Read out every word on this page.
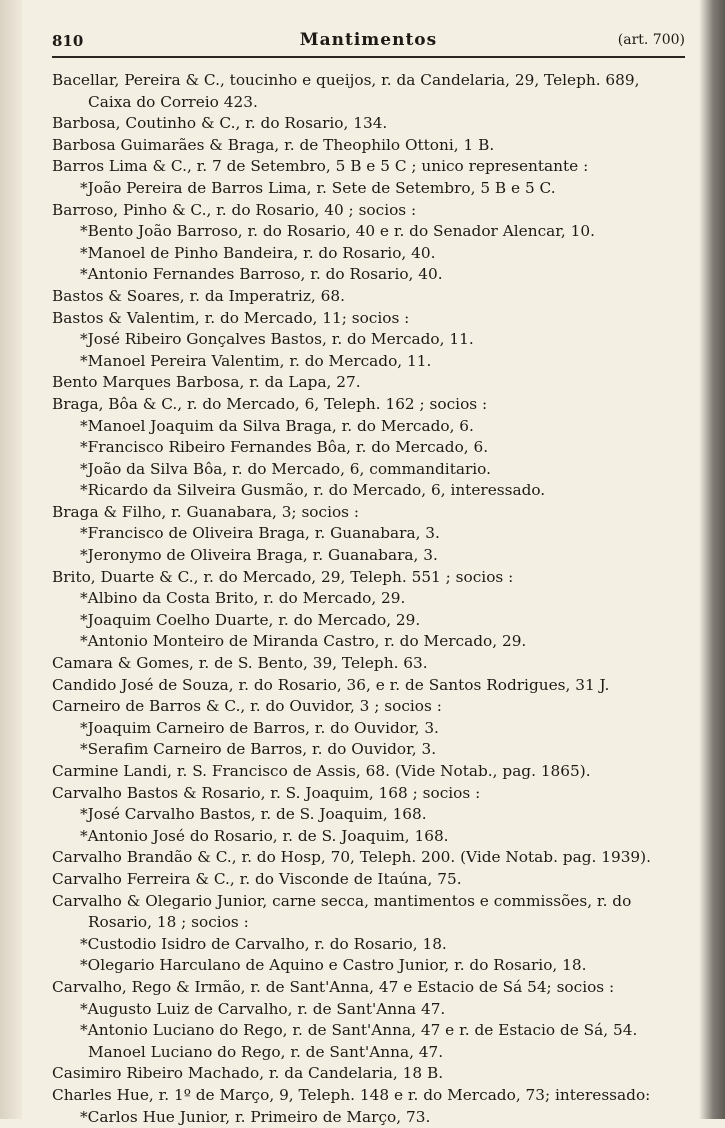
810	Mantimentos	(art. 700)
Bacellar, Pereira & C., toucinho e queijos, r. da Candelaria, 29, Teleph. 689,
Caixa do Correio 423.
Barbosa, Coutinho & C., r. do Rosario, 134.
Barbosa Guimarães & Braga, r. de Theophilo Ottoni, 1 B.
Barros Lima & C., r. 7 de Setembro, 5 B e 5 C ; unico representante :
*João Pereira de Barros Lima, r. Sete de Setembro, 5 B e 5 C.
Barroso, Pinho & C., r. do Rosario, 40 ; socios :
*Bento João Barroso, r. do Rosario, 40 e r. do Senador Alencar, 10.
*Manoel de Pinho Bandeira, r. do Rosario, 40.
*Antonio Fernandes Barroso, r. do Rosario, 40.
Bastos & Soares, r. da Imperatriz, 68.
Bastos & Valentim, r. do Mercado, 11; socios :
*José Ribeiro Gonçalves Bastos, r. do Mercado, 11.
*Manoel Pereira Valentim, r. do Mercado, 11.
Bento Marques Barbosa, r. da Lapa, 27.
Braga, Bôa & C., r. do Mercado, 6, Teleph. 162 ; socios :
*Manoel Joaquim da Silva Braga, r. do Mercado, 6.
*Francisco Ribeiro Fernandes Bôa, r. do Mercado, 6.
*João da Silva Bôa, r. do Mercado, 6, commanditario.
*Ricardo da Silveira Gusmão, r. do Mercado, 6, interessado.
Braga & Filho, r. Guanabara, 3; socios :
*Francisco de Oliveira Braga, r. Guanabara, 3.
*Jeronymo de Oliveira Braga, r. Guanabara, 3.
Brito, Duarte & C., r. do Mercado, 29, Teleph. 551 ; socios :
*Albino da Costa Brito, r. do Mercado, 29.
*Joaquim Coelho Duarte, r. do Mercado, 29.
*Antonio Monteiro de Miranda Castro, r. do Mercado, 29.
Camara & Gomes, r. de S. Bento, 39, Teleph. 63.
Candido José de Souza, r. do Rosario, 36, e r. de Santos Rodrigues, 31 J.
Carneiro de Barros & C., r. do Ouvidor, 3 ; socios :
*Joaquim Carneiro de Barros, r. do Ouvidor, 3.
*Serafim Carneiro de Barros, r. do Ouvidor, 3.
Carmine Landi, r. S. Francisco de Assis, 68. (Vide Notab., pag. 1865).
Carvalho Bastos & Rosario, r. S. Joaquim, 168 ; socios :
*José Carvalho Bastos, r. de S. Joaquim, 168.
*Antonio José do Rosario, r. de S. Joaquim, 168.
Carvalho Brandão & C., r. do Hosp, 70, Teleph. 200. (Vide Notab. pag. 1939).
Carvalho Ferreira & C., r. do Visconde de Itaúna, 75.
Carvalho & Olegario Junior, carne secca, mantimentos e commissões, r. do
Rosario, 18 ; socios :
*Custodio Isidro de Carvalho, r. do Rosario, 18.
*Olegario Harculano de Aquino e Castro Junior, r. do Rosario, 18.
Carvalho, Rego & Irmão, r. de Sant'Anna, 47 e Estacio de Sá 54; socios :
*Augusto Luiz de Carvalho, r. de Sant'Anna 47.
*Antonio Luciano do Rego, r. de Sant'Anna, 47 e r. de Estacio de Sá, 54.
Manoel Luciano do Rego, r. de Sant'Anna, 47.
Casimiro Ribeiro Machado, r. da Candelaria, 18 B.
Charles Hue, r. 1º de Março, 9, Teleph. 148 e r. do Mercado, 73; interessado:
*Carlos Hue Junior, r. Primeiro de Março, 73.
